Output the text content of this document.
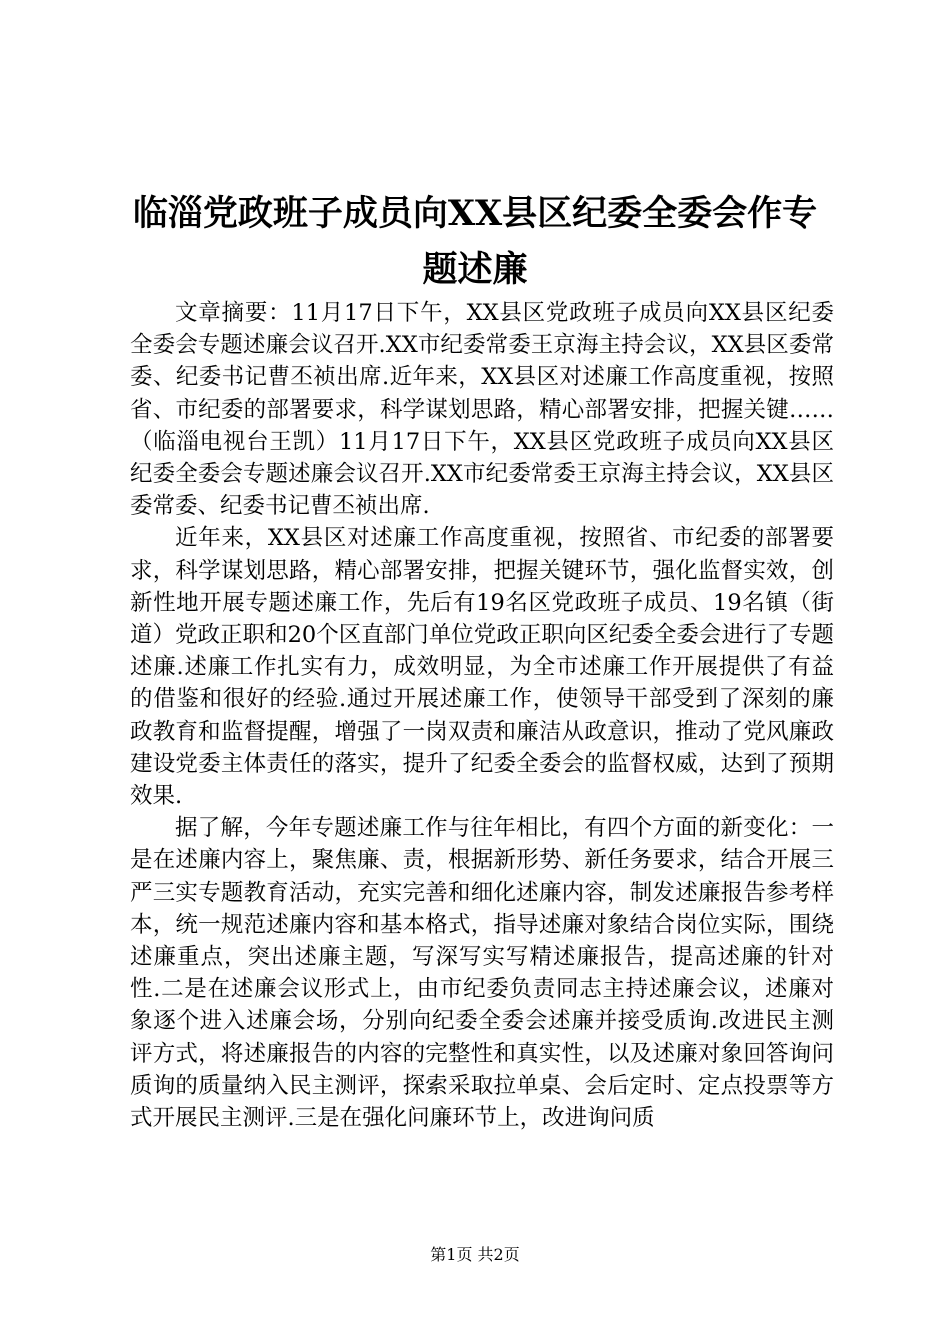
临淄党政班子成员向XX县区纪委全委会作专
题述廉

文章摘要：11月17日下午，XX县区党政班子成员向XX县区纪委全委会专题述廉会议召开.XX市纪委常委王京海主持会议，XX县区委常委、纪委书记曹丕祯出席.近年来，XX县区对述廉工作高度重视，按照省、市纪委的部署要求，科学谋划思路，精心部署安排，把握关键……（临淄电视台王凯）11月17日下午，XX县区党政班子成员向XX县区纪委全委会专题述廉会议召开.XX市纪委常委王京海主持会议，XX县区委常委、纪委书记曹丕祯出席.

近年来，XX县区对述廉工作高度重视，按照省、市纪委的部署要求，科学谋划思路，精心部署安排，把握关键环节，强化监督实效，创新性地开展专题述廉工作，先后有19名区党政班子成员、19名镇（街道）党政正职和20个区直部门单位党政正职向区纪委全委会进行了专题述廉.述廉工作扎实有力，成效明显，为全市述廉工作开展提供了有益的借鉴和很好的经验.通过开展述廉工作，使领导干部受到了深刻的廉政教育和监督提醒，增强了一岗双责和廉洁从政意识，推动了党风廉政建设党委主体责任的落实，提升了纪委全委会的监督权威，达到了预期效果.

据了解，今年专题述廉工作与往年相比，有四个方面的新变化：一是在述廉内容上，聚焦廉、责，根据新形势、新任务要求，结合开展三严三实专题教育活动，充实完善和细化述廉内容，制发述廉报告参考样本，统一规范述廉内容和基本格式，指导述廉对象结合岗位实际，围绕述廉重点，突出述廉主题，写深写实写精述廉报告，提高述廉的针对性.二是在述廉会议形式上，由市纪委负责同志主持述廉会议，述廉对象逐个进入述廉会场，分别向纪委全委会述廉并接受质询.改进民主测评方式，将述廉报告的内容的完整性和真实性，以及述廉对象回答询问质询的质量纳入民主测评，探索采取拉单桌、会后定时、定点投票等方式开展民主测评.三是在强化问廉环节上，改进询问质

第1页 共2页
